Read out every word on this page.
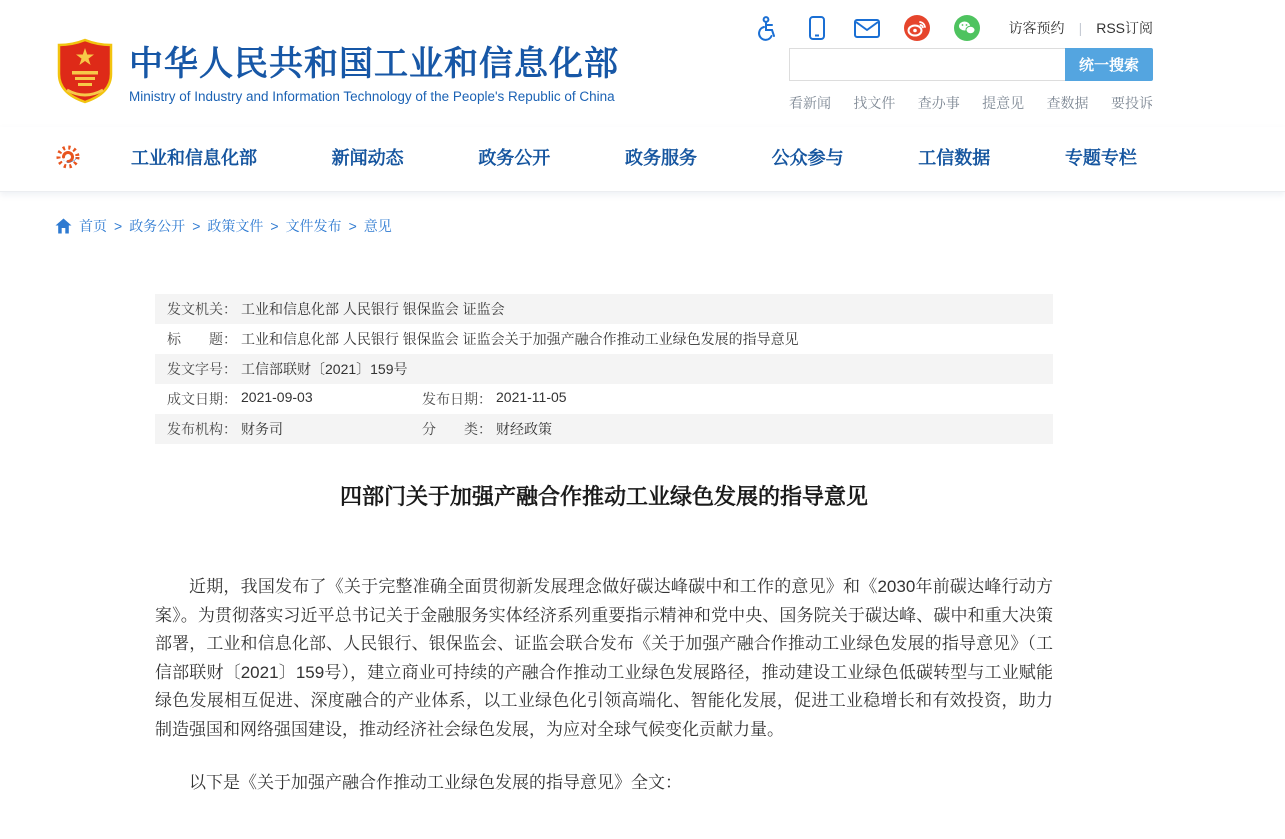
访客预约 | RSS订阅
中华人民共和国工业和信息化部
Ministry of Industry and Information Technology of the People's Republic of China
统一搜索
看新闻 找文件 查办事 提意见 查数据 要投诉
工业和信息化部	新闻动态	政务公开	政务服务	公众参与	工信数据	专题专栏
首页 > 政务公开 > 政策文件 > 文件发布 > 意见
发文机关： 工业和信息化部 人民银行 银保监会 证监会
标　　题： 工业和信息化部 人民银行 银保监会 证监会关于加强产融合作推动工业绿色发展的指导意见
发文字号： 工信部联财〔2021〕159号
成文日期： 2021-09-03	发布日期： 2021-11-05
发布机构： 财务司	分　　类： 财经政策
四部门关于加强产融合作推动工业绿色发展的指导意见

近期，我国发布了《关于完整准确全面贯彻新发展理念做好碳达峰碳中和工作的意见》和《2030年前碳达峰行动方案》。为贯彻落实习近平总书记关于金融服务实体经济系列重要指示精神和党中央、国务院关于碳达峰、碳中和重大决策部署，工业和信息化部、人民银行、银保监会、证监会联合发布《关于加强产融合作推动工业绿色发展的指导意见》（工信部联财〔2021〕159号），建立商业可持续的产融合作推动工业绿色发展路径，推动建设工业绿色低碳转型与工业赋能绿色发展相互促进、深度融合的产业体系，以工业绿色化引领高端化、智能化发展，促进工业稳增长和有效投资，助力制造强国和网络强国建设，推动经济社会绿色发展，为应对全球气候变化贡献力量。

以下是《关于加强产融合作推动工业绿色发展的指导意见》全文：
